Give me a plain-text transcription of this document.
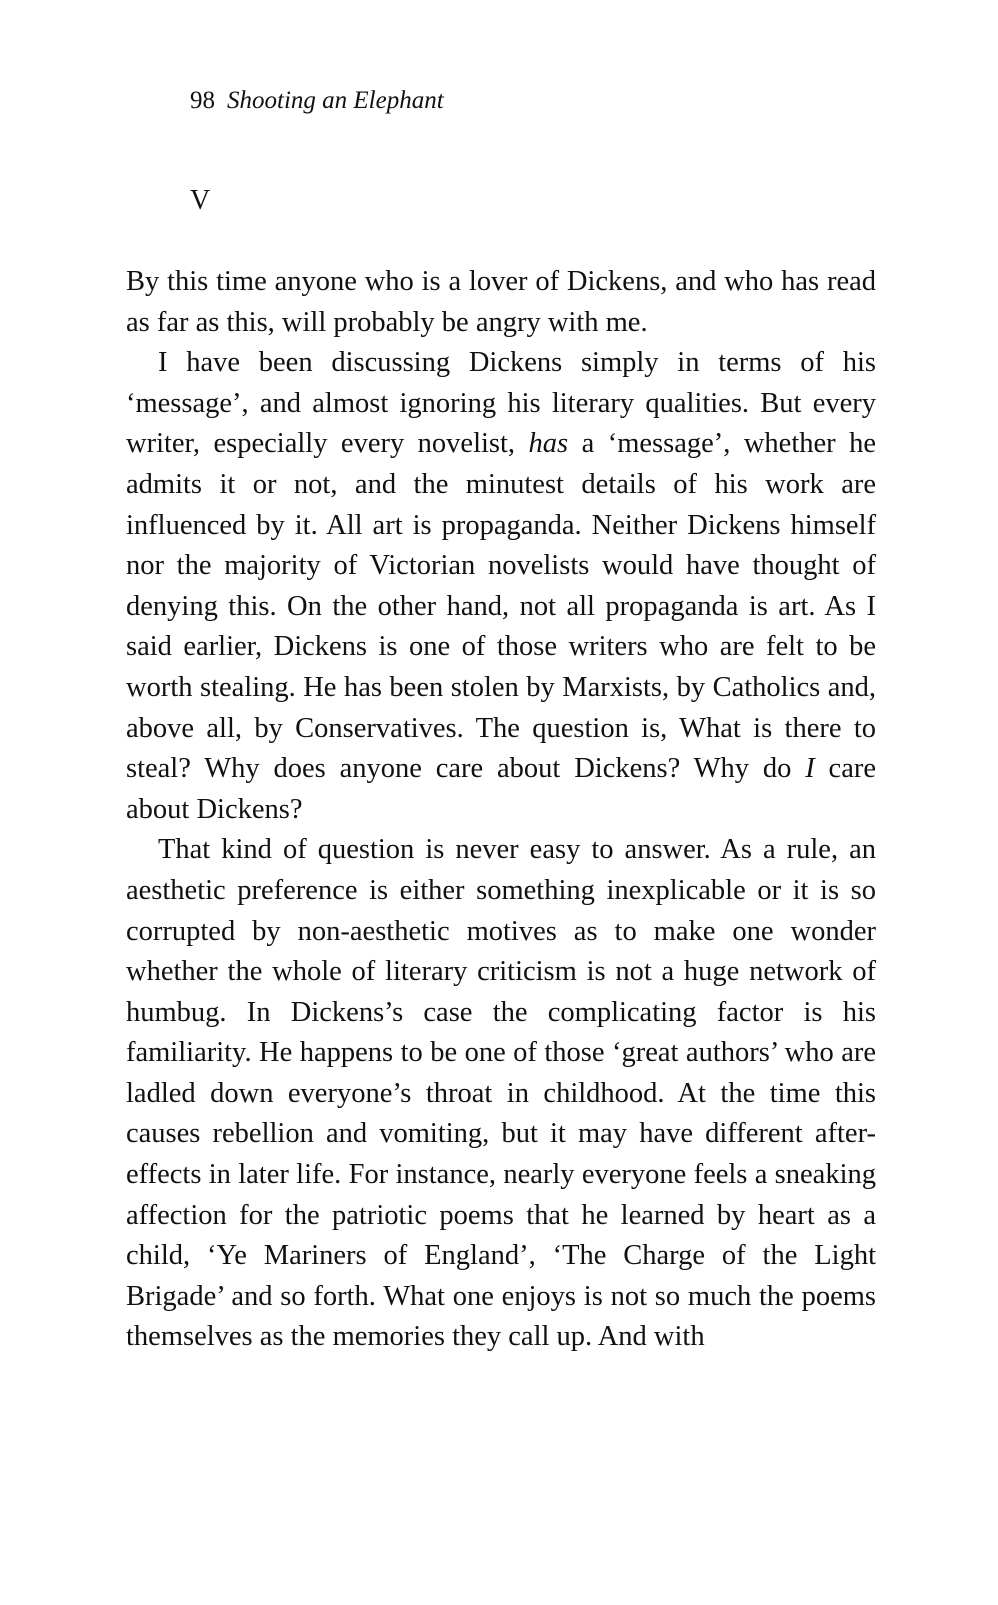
98 Shooting an Elephant
V

By this time anyone who is a lover of Dickens, and who has read as far as this, will probably be angry with me.

I have been discussing Dickens simply in terms of his ‘message’, and almost ignoring his literary qualities. But every writer, especially every novelist, has a ‘message’, whether he admits it or not, and the minutest details of his work are influenced by it. All art is propaganda. Neither Dickens himself nor the majority of Victorian novelists would have thought of denying this. On the other hand, not all propaganda is art. As I said earlier, Dickens is one of those writers who are felt to be worth stealing. He has been stolen by Marxists, by Catholics and, above all, by Conservatives. The question is, What is there to steal? Why does anyone care about Dickens? Why do I care about Dickens?

That kind of question is never easy to answer. As a rule, an aesthetic preference is either something inexplicable or it is so corrupted by non-aesthetic motives as to make one wonder whether the whole of literary criticism is not a huge network of humbug. In Dickens’s case the complicating factor is his familiarity. He happens to be one of those ‘great authors’ who are ladled down everyone’s throat in childhood. At the time this causes rebellion and vomiting, but it may have different after-effects in later life. For instance, nearly everyone feels a sneaking affection for the patriotic poems that he learned by heart as a child, ‘Ye Mariners of England’, ‘The Charge of the Light Brigade’ and so forth. What one enjoys is not so much the poems themselves as the memories they call up. And with
